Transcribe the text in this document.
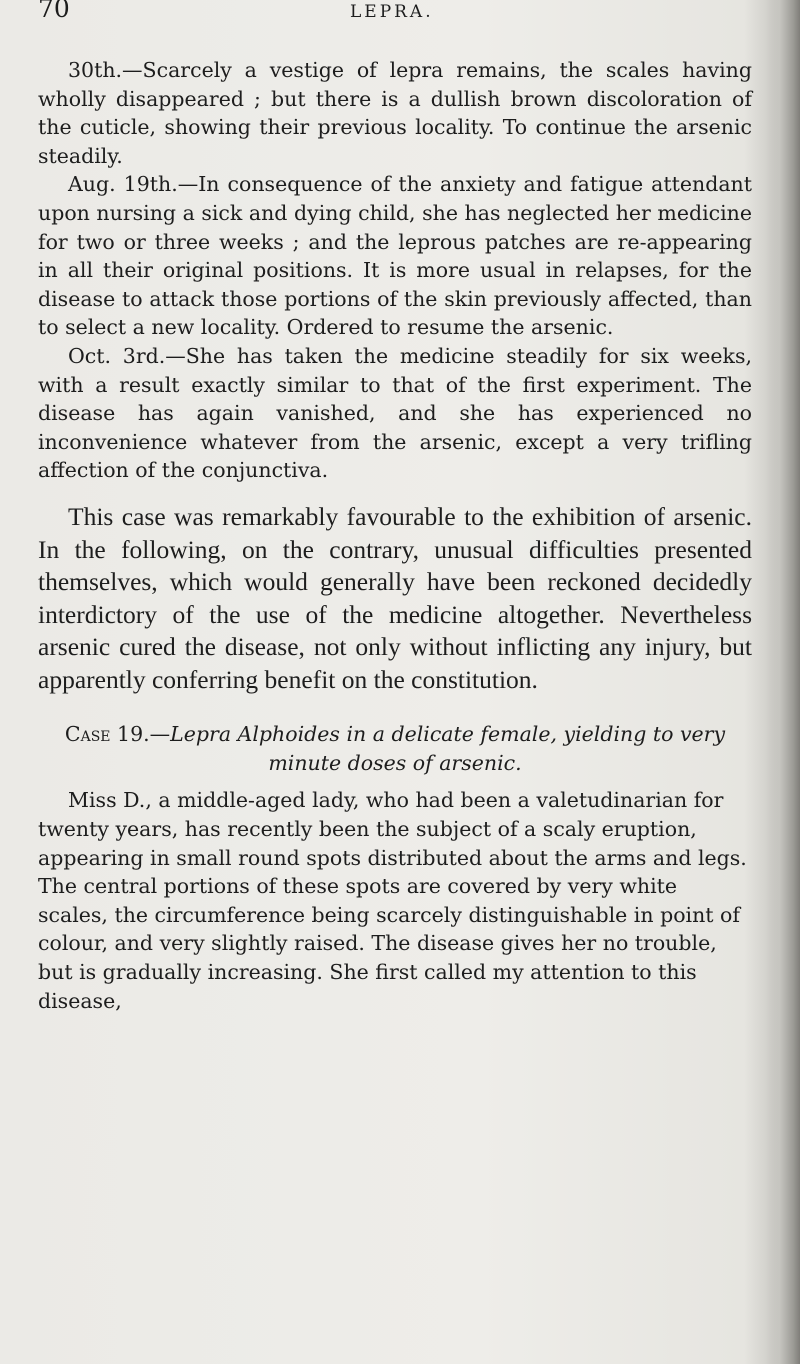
70	LEPRA.

30th.—Scarcely a vestige of lepra remains, the scales having wholly disappeared ; but there is a dullish brown discoloration of the cuticle, showing their previous locality. To continue the arsenic steadily.

Aug. 19th.—In consequence of the anxiety and fatigue attendant upon nursing a sick and dying child, she has neglected her medicine for two or three weeks ; and the leprous patches are re-appearing in all their original positions. It is more usual in relapses, for the disease to attack those portions of the skin previously affected, than to select a new locality. Ordered to resume the arsenic.

Oct. 3rd.—She has taken the medicine steadily for six weeks, with a result exactly similar to that of the first experiment. The disease has again vanished, and she has experienced no inconvenience whatever from the arsenic, except a very trifling affection of the conjunctiva.

This case was remarkably favourable to the exhibition of arsenic. In the following, on the contrary, unusual difficulties presented themselves, which would generally have been reckoned decidedly interdictory of the use of the medicine altogether. Nevertheless arsenic cured the disease, not only without inflicting any injury, but apparently conferring benefit on the constitution.

Case 19.—Lepra Alphoides in a delicate female, yielding to very minute doses of arsenic.

Miss D., a middle-aged lady, who had been a valetudinarian for twenty years, has recently been the subject of a scaly eruption, appearing in small round spots distributed about the arms and legs. The central portions of these spots are covered by very white scales, the circumference being scarcely distinguishable in point of colour, and very slightly raised. The disease gives her no trouble, but is gradually increasing. She first called my attention to this disease,
